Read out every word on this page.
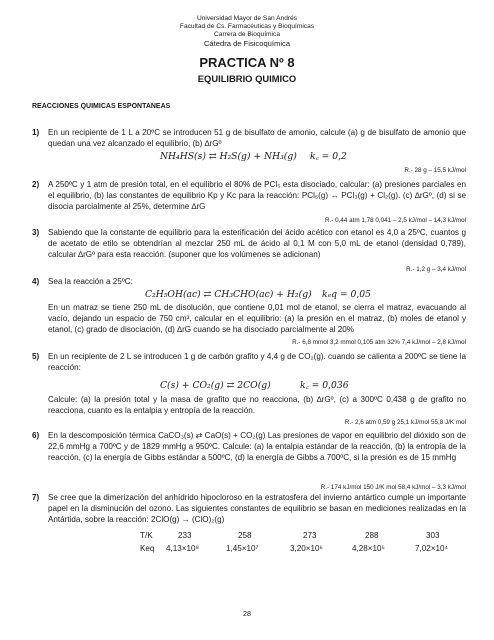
Universidad Mayor de San Andrés
Facultad de Cs. Farmacéuticas y Bioquímicas
Carrera de Bioquímica
Cátedra de Fisicoquímica
PRACTICA Nº 8
EQUILIBRIO QUIMICO
REACCIONES QUIMICAS ESPONTANEAS
1) En un recipiente de 1 L a 20ºC se introducen 51 g de bisulfato de amonio, calcule (a) g de bisulfato de amonio que quedan una vez alcanzado el equilibrio, (b) ∆rGº
NH₄HS(s) ⇄ H₂S(g) + NH₃(g) k꜀ = 0,2
R.- 28 g – 15,5 kJ/mol
2) A 250ºC y 1 atm de presión total, en el equilibrio el 80% de PCl₅ esta disociado, calcular: (a) presiones parciales en el equilibrio, (b) las constantes de equilibrio Kp y Kc para la reacción: PCl₅(g) ↔ PCl₃(g) + Cl₂(g). (c) ∆rGº, (d) si se disocia parcialmente al 25%, determine ∆rG
R.- 0,44 atm 1,78 0,041 – 2,5 kJ/mol – 14,3 kJ/mol
3) Sabiendo que la constante de equilibrio para la esterificación del ácido acético con etanol es 4,0 a 25ºC, cuantos g de acetato de etilo se obtendrían al mezclar 250 mL de ácido al 0,1 M con 5,0 mL de etanol (densidad 0,789), calcular ∆rGº para esta reacción. (suponer que los volúmenes se adicionan)
R.- 1,2 g – 3,4 kJ/mol
4) Sea la reacción a 25ºC:
C₂H₅OH(ac) ⇄ CH₃CHO(ac) + H₂(g) kₑq = 0,05
En un matraz se tiene 250 mL de disolución, que contiene 0,01 mol de etanol, se cierra el matraz, evacuando al vacío, dejando un espacio de 750 cm³, calcular en el equilibrio: (a) la presión en el matraz, (b) moles de etanol y etanol, (c) grado de disociación, (d) ∆rG cuando se ha disociado parcialmente al 20%
R.- 6,8 mmol 3,2 mmol 0,105 atm 32% 7,4 kJ/mol – 2,8 kJ/mol
5) En un recipiente de 2 L se introducen 1 g de carbón grafito y 4,4 g de CO₂(g). cuando se calienta a 200ºC se tiene la reacción:
C(s) + CO₂(g) ⇄ 2CO(g)	k꜀ = 0,036
Calcule: (a) la presión total y la masa de grafito que no reacciona, (b) ∆rGº, (c) a 300ºC 0,438 g de grafito no reacciona, cuanto es la entalpia y entropía de la reacción.
R.- 2,6 atm 0,59 g 25,1 kJ/mol 55,8 J/K mol
6) En la descomposición térmica CaCO₃(s) ⇄ CaO(s) + CO₂(g) Las presiones de vapor en equilibrio del dióxido son de 22,6 mmHg a 700ºC y de 1829 mmHg a 950ºC. Calcule: (a) la entalpia estándar de la reacción, (b) la entropía de la reacción, (c) la energía de Gibbs estándar a 500ºC, (d) la energía de Gibbs a 700ºC, si la presión es de 15 mmHg
R.- 174 kJ/mol 150 J/K mol 58,4 kJ/mol – 3,3 kJ/mol
7) Se cree que la dimerización del anhídrido hipocloroso en la estratosfera del invierno antártico cumple un importante papel en la disminución del ozono. Las siguientes constantes de equilibrio se basan en mediciones realizadas en la Antártida, sobre la reacción: 2ClO(g) → (ClO)₂(g)
T/K	233	258	273	288	303
Keq 4,13×10⁸	1,45×10⁷	3,20×10⁶	4,28×10⁵	7,02×10⁴
28
